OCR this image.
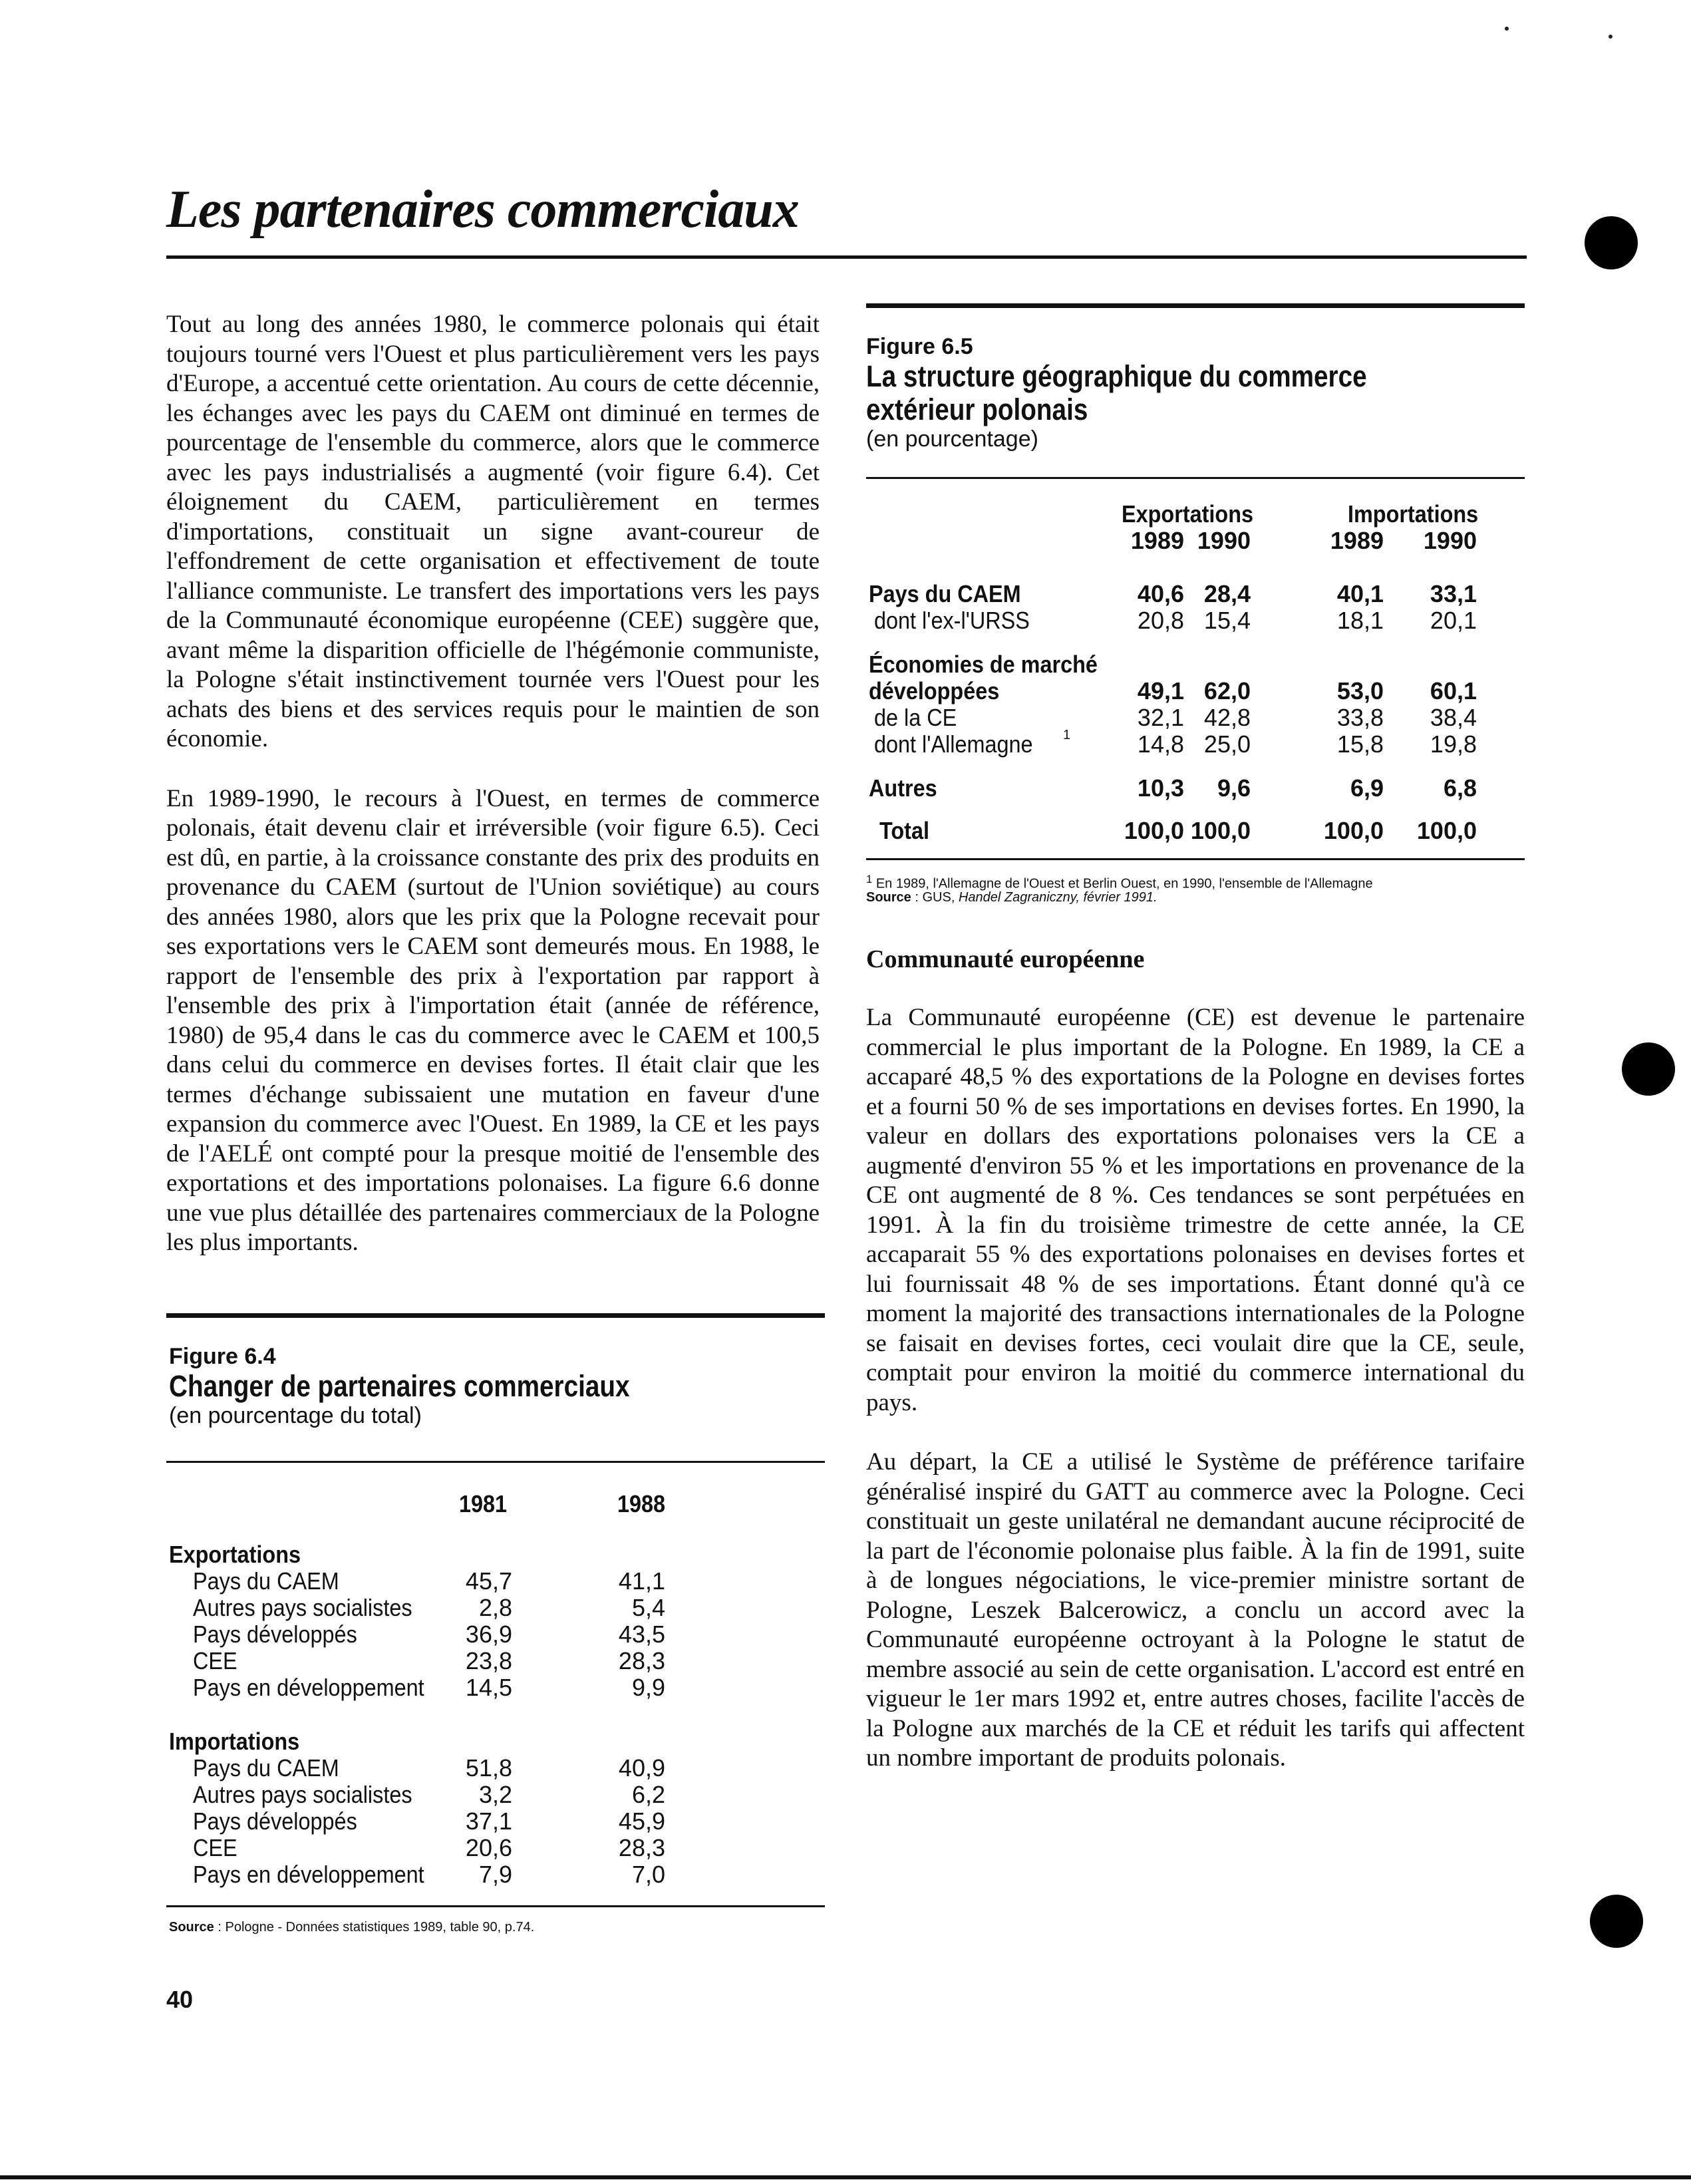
Les partenaires commerciaux

Tout au long des années 1980, le commerce polonais qui était toujours tourné vers l'Ouest et plus particulièrement vers les pays d'Europe, a accentué cette orientation. Au cours de cette décennie, les échanges avec les pays du CAEM ont diminué en termes de pourcentage de l'ensemble du commerce, alors que le commerce avec les pays industrialisés a augmenté (voir figure 6.4). Cet éloignement du CAEM, particulièrement en termes d'importations, constituait un signe avant-coureur de l'effondrement de cette organisation et effectivement de toute l'alliance communiste. Le transfert des importations vers les pays de la Communauté économique européenne (CEE) suggère que, avant même la disparition officielle de l'hégémonie communiste, la Pologne s'était instinctivement tournée vers l'Ouest pour les achats des biens et des services requis pour le maintien de son économie.

En 1989-1990, le recours à l'Ouest, en termes de commerce polonais, était devenu clair et irréversible (voir figure 6.5). Ceci est dû, en partie, à la croissance constante des prix des produits en provenance du CAEM (surtout de l'Union soviétique) au cours des années 1980, alors que les prix que la Pologne recevait pour ses exportations vers le CAEM sont demeurés mous. En 1988, le rapport de l'ensemble des prix à l'exportation par rapport à l'ensemble des prix à l'importation était (année de référence, 1980) de 95,4 dans le cas du commerce avec le CAEM et 100,5 dans celui du commerce en devises fortes. Il était clair que les termes d'échange subissaient une mutation en faveur d'une expansion du commerce avec l'Ouest. En 1989, la CE et les pays de l'AELÉ ont compté pour la presque moitié de l'ensemble des exportations et des importations polonaises. La figure 6.6 donne une vue plus détaillée des partenaires commerciaux de la Pologne les plus importants.

Figure 6.4
Changer de partenaires commerciaux
(en pourcentage du total)
1981	1988
Exportations
Pays du CAEM	45,7	41,1
Autres pays socialistes	2,8	5,4
Pays développés	36,9	43,5
CEE	23,8	28,3
Pays en développement	14,5	9,9
Importations
Pays du CAEM	51,8	40,9
Autres pays socialistes	3,2	6,2
Pays développés	37,1	45,9
CEE	20,6	28,3
Pays en développement	7,9	7,0
Source : Pologne - Données statistiques 1989, table 90, p.74.
Figure 6.5
La structure géographique du commerce
extérieur polonais
(en pourcentage)
Exportations	Importations
1989 1990	1989	1990
Pays du CAEM	40,6 28,4	40,1	33,1
dont l'ex-l'URSS	20,8 15,4	18,1	20,1
Économies de marché
développées	49,1 62,0	53,0	60,1
de la CE	32,1 42,8	33,8	38,4
dont l'Allemagne 1	14,8 25,0	15,8	19,8
Autres	10,3	9,6	6,9	6,8
Total	100,0 100,0	100,0	100,0
$^1$ En 1989, l'Allemagne de l'Ouest et Berlin Ouest, en 1990, l'ensemble de l'Allemagne
Source : GUS, Handel Zagraniczny, février 1991.
Communauté européenne

La Communauté européenne (CE) est devenue le partenaire commercial le plus important de la Pologne. En 1989, la CE a accaparé 48,5 % des exportations de la Pologne en devises fortes et a fourni 50 % de ses importations en devises fortes. En 1990, la valeur en dollars des exportations polonaises vers la CE a augmenté d'environ 55 % et les importations en provenance de la CE ont augmenté de 8 %. Ces tendances se sont perpétuées en 1991. À la fin du troisième trimestre de cette année, la CE accaparait 55 % des exportations polonaises en devises fortes et lui fournissait 48 % de ses importations. Étant donné qu'à ce moment la majorité des transactions internationales de la Pologne se faisait en devises fortes, ceci voulait dire que la CE, seule, comptait pour environ la moitié du commerce international du pays.

Au départ, la CE a utilisé le Système de préférence tarifaire généralisé inspiré du GATT au commerce avec la Pologne. Ceci constituait un geste unilatéral ne demandant aucune réciprocité de la part de l'économie polonaise plus faible. À la fin de 1991, suite à de longues négociations, le vice-premier ministre sortant de Pologne, Leszek Balcerowicz, a conclu un accord avec la Communauté européenne octroyant à la Pologne le statut de membre associé au sein de cette organisation. L'accord est entré en vigueur le 1er mars 1992 et, entre autres choses, facilite l'accès de la Pologne aux marchés de la CE et réduit les tarifs qui affectent un nombre important de produits polonais.

40
